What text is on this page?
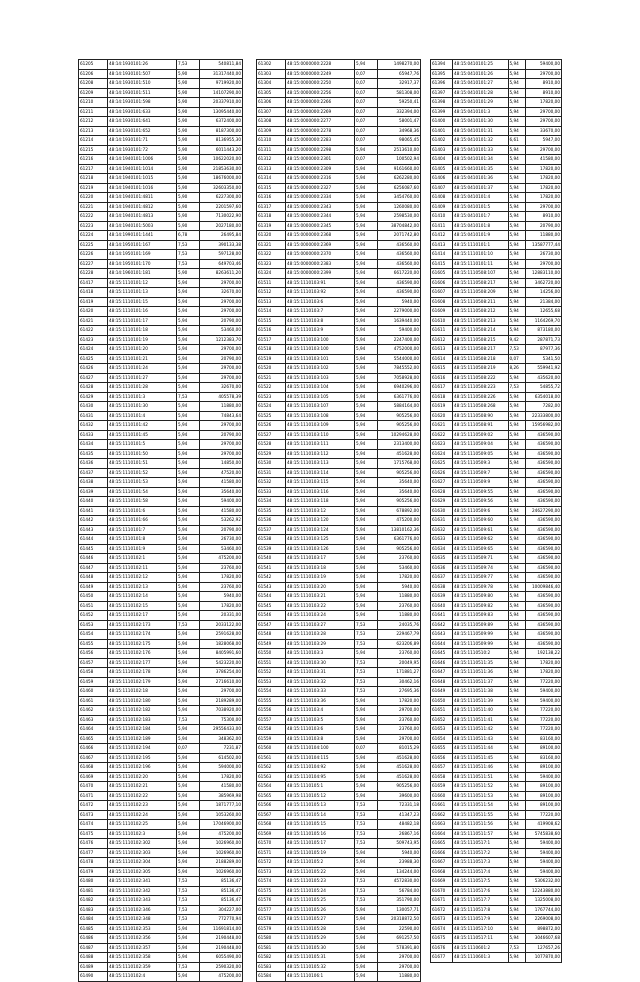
61205	48:14:1930101:26	7,53	540811,84
61206	48:14:1930101:507	5,90	31317440,00
61208	48:14:1930101:510	5,90	9719920,00
61209	48:14:1930101:511	5,90	14107290,00
61210	48:14:1930101:598	5,90	20337910,00
61211	48:14:1930101:633	5,90	13095440,00
61212	48:14:1930101:641	5,90	6372400,00
61213	48:14:1930101:652	5,90	8187300,00
61214	48:14:1930101:71	5,90	8136955,30
61215	48:14:1930101:72	5,90	6011443,20
61216	48:14:1940101:1006	5,90	10622020,00
61217	48:14:1940101:1014	5,90	21853630,00
61218	48:14:1940101:1015	5,90	18676000,00
61219	48:14:1940101:1016	5,90	32603350,00
61220	48:14:1940101:4811	5,90	6227300,00
61221	48:14:1940101:4812	5,90	2201597,60
61222	48:14:1940101:4813	5,90	7130022,90
61223	48:14:1940101:5003	5,90	2027180,00
61224	48:14:1990101:1441	6,78	26495,84
61225	48:14:1950101:167	7,53	390133,38
61226	48:14:1950101:169	7,53	597128,00
61227	48:14:1950101:170	7,53	649703,46
61228	48:14:1960101:181	5,90	8263611,20
61417	48:15:1110101:12	5,94	29700,00
61418	48:15:1110101:13	5,94	32670,00
61419	48:15:1110101:15	5,94	29700,00
61420	48:15:1110101:16	5,94	29700,00
61421	48:15:1110101:17	5,94	20790,00
61422	48:15:1110101:18	5,94	53460,00
61423	48:15:1110101:19	5,94	1212383,70
61424	48:15:1110101:20	5,94	29700,00
61425	48:15:1110101:21	5,94	20790,00
61426	48:15:1110101:24	5,94	29700,00
61427	48:15:1110101:27	5,94	29700,00
61428	48:15:1110101:28	5,94	32670,00
61429	48:15:1110101:3	7,53	405578,39
61430	48:15:1110101:30	5,94	11880,00
61431	48:15:1110101:4	5,94	74843,64
61432	48:15:1110101:42	5,94	29700,00
61433	48:15:1110101:45	5,94	20790,00
61434	48:15:1110101:5	5,94	29700,00
61435	48:15:1110101:50	5,94	29700,00
61436	48:15:1110101:51	5,94	14850,00
61437	48:15:1110101:52	5,94	47520,00
61438	48:15:1110101:53	5,94	41580,00
61439	48:15:1110101:54	5,94	35640,00
61440	48:15:1110101:58	5,94	59400,00
61441	48:15:1110101:6	5,94	41580,00
61442	48:15:1110101:66	5,94	53262,92
61443	48:15:1110101:7	5,94	20790,00
61444	48:15:1110101:8	5,94	26730,00
61445	48:15:1110101:9	5,94	53460,00
61446	48:15:1110102:1	5,94	475200,00
61447	48:15:1110102:11	5,94	23760,00
61448	48:15:1110102:12	5,94	17820,00
61449	48:15:1110102:13	5,94	23760,00
61450	48:15:1110102:14	5,94	5940,00
61451	48:15:1110102:15	5,94	17820,00
61452	48:15:1110102:17	5,94	20331,00
61453	48:15:1110102:173	7,53	2033122,00
61454	48:15:1110102:174	5,94	2591628,00
61455	48:15:1110102:175	5,94	1828068,00
61456	48:15:1110102:176	5,94	8405991,60
61457	48:15:1110102:177	5,94	5423220,00
61458	48:15:1110102:178	5,94	3786254,00
61459	48:15:1110102:179	5,94	2716610,00
61460	48:15:1110102:18	5,94	29700,00
61461	48:15:1110102:180	5,94	2189289,00
61462	48:15:1110102:182	5,94	7038920,00
61463	48:15:1110102:183	7,53	75300,00
61464	48:15:1110102:184	5,94	29556433,00
61465	48:15:1110102:189	5,94	348362,00
61466	48:15:1110102:194	0,07	7231,87
61467	48:15:1110102:195	5,94	614502,00
61468	48:15:1110102:196	5,94	594000,00
61469	48:15:1110102:20	5,94	17820,00
61470	48:15:1110102:21	5,94	41580,00
61471	48:15:1110102:22	5,94	385969,98
61472	48:15:1110102:23	5,94	1871777,10
61473	48:15:1110102:24	5,94	1053260,00
61474	48:15:1110102:25	5,94	17046900,00
61475	48:15:1110102:3	5,94	475200,00
61476	48:15:1110102:302	5,94	1026960,00
61477	48:15:1110102:303	5,94	1026960,00
61478	48:15:1110102:304	5,94	2188289,00
61479	48:15:1110102:305	5,94	1026960,00
61480	48:15:1110102:341	7,53	85136,47
61481	48:15:1110102:342	7,53	85136,47
61482	48:15:1110102:343	7,53	85136,47
61483	48:15:1110102:346	7,53	304227,00
61484	48:15:1110102:348	7,53	772770,94
61485	48:15:1110102:353	5,94	11691814,00
61486	48:15:1110102:356	5,94	2190448,00
61487	48:15:1110102:357	5,94	2190448,00
61488	48:15:1110102:358	5,94	6055490,00
61489	48:15:1110102:359	7,53	2590320,00
61490	48:15:1110102:4	5,94	475200,00
61302	48:15:0000000:2228	5,94	1498270,00
61303	48:15:0000000:2249	0,07	65947,76
61304	48:15:0000000:2250	0,07	32917,37
61305	48:15:0000000:2256	0,07	581308,00
61306	48:15:0000000:2266	0,07	59250,41
61307	48:15:0000000:2269	0,07	332394,00
61308	48:15:0000000:2277	0,07	58001,47
61309	48:15:0000000:2278	0,07	34968,36
61310	48:15:0000000:2283	0,07	98065,45
61311	48:15:0000000:2298	5,94	2513610,00
61312	48:15:0000000:2301	0,07	100502,94
61313	48:15:0000000:2309	5,94	9161660,00
61314	48:15:0000000:2316	5,94	6262280,00
61315	48:15:0000000:2327	5,94	6256087,60
61316	48:15:0000000:2334	5,94	3454760,00
61317	48:15:0000000:2343	5,94	1260080,00
61318	48:15:0000000:2344	5,94	2598530,00
61319	48:15:0000000:2345	5,94	38704842,00
61320	48:15:0000000:2368	5,94	2071742,80
61321	48:15:0000000:2369	5,94	436560,00
61322	48:15:0000000:2370	5,94	436560,00
61323	48:15:0000000:2383	5,94	436560,00
61324	48:15:0000000:2399	5,94	6617220,00
61511	48:15:1110103:91	5,94	436590,00
61512	48:15:1110103:92	5,94	436590,00
61513	48:15:1110103:6	5,94	5940,00
61514	48:15:1110103:7	5,94	2279000,00
61515	48:15:1110103:8	5,94	1639440,00
61516	48:15:1110103:9	5,94	59400,00
61517	48:15:1110103:100	5,94	2247400,00
61518	48:15:1110103:100	5,94	4752000,00
61519	48:15:1110103:101	5,94	5544000,00
61520	48:15:1110103:102	5,94	7845552,00
61521	48:15:1110103:103	5,94	7058928,00
61522	48:15:1110103:104	5,94	6940296,00
61523	48:15:1110103:105	5,94	6361776,00
61524	48:15:1110103:107	5,94	5884164,00
61525	48:15:1110103:108	5,94	905256,00
61526	48:15:1110103:109	5,94	905256,00
61527	48:15:1110103:110	5,94	10294628,00
61528	48:15:1110103:111	5,94	2313400,00
61529	48:15:1110103:112	5,94	451628,00
61530	48:15:1110103:113	5,94	1715768,00
61531	48:15:1110103:114	5,94	905256,00
61532	48:15:1110103:115	5,94	35640,00
61533	48:15:1110103:116	5,94	35640,00
61534	48:15:1110103:118	5,94	905256,00
61535	48:15:1110103:12	5,94	678892,00
61536	48:15:1110103:120	5,94	475200,00
61537	48:15:1110103:124	5,94	13810162,36
61538	48:15:1110103:125	5,94	6361776,00
61539	48:15:1110103:126	5,94	905256,00
61540	48:15:1110103:17	5,94	23760,00
61541	48:15:1110103:18	5,94	53460,00
61542	48:15:1110103:19	5,94	17820,00
61543	48:15:1110103:20	5,94	5940,00
61544	48:15:1110103:21	5,94	11880,00
61545	48:15:1110103:22	5,94	23760,00
61546	48:15:1110103:24	5,94	11880,00
61547	48:15:1110103:27	7,53	24035,76
61548	48:15:1110103:28	7,53	229467,79
61549	48:15:1110103:29	7,53	623206,89
61550	48:15:1110103:3	5,94	23760,00
61551	48:15:1110103:30	7,53	20049,95
61552	48:15:1110103:31	7,53	171881,27
61553	48:15:1110103:32	7,53	30462,16
61554	48:15:1110103:33	7,53	27695,36
61555	48:15:1110103:36	5,94	17820,00
61556	48:15:1110103:4	5,94	29700,00
61557	48:15:1110103:5	5,94	23760,00
61558	48:15:1110103:6	5,94	23760,00
61559	48:15:1110103:8	5,94	29700,00
61560	48:15:1110104:100	0,07	81015,29
61561	48:15:1110104:115	5,94	451628,00
61562	48:15:1110104:92	5,94	451628,00
61563	48:15:1110104:95	5,94	451628,00
61564	48:15:1110105:1	5,94	905256,00
61565	48:15:1110105:12	5,94	39600,00
61566	48:15:1110105:13	7,53	72331,18
61567	48:15:1110105:14	7,53	41347,23
61568	48:15:1110105:15	7,53	48482,18
61569	48:15:1110105:16	7,53	26867,16
61570	48:15:1110105:17	7,53	509743,95
61571	48:15:1110105:19	5,94	5940,00
61572	48:15:1110105:2	5,94	23988,30
61573	48:15:1110105:22	5,94	134244,00
61574	48:15:1110105:23	7,53	4572830,00
61575	48:15:1110105:24	7,53	56784,00
61576	48:15:1110105:25	7,53	351790,00
61577	48:15:1110105:26	5,94	130057,71
61578	48:15:1110105:27	5,94	20318872,50
61579	48:15:1110105:28	5,94	22590,00
61580	48:15:1110105:29	5,94	691257,50
61581	48:15:1110105:30	5,94	578391,80
61582	48:15:1110105:31	5,94	29700,00
61583	48:15:1110105:32	5,94	29700,00
61584	48:15:1110106:1	5,94	11880,00
61394	48:15:0410101:25	5,94	59400,00
61395	48:15:0410101:26	5,94	29700,00
61396	48:15:0410101:27	5,94	8910,00
61397	48:15:0410101:28	5,94	8910,00
61398	48:15:0410101:29	5,94	17820,00
61399	48:15:0410101:3	5,94	29700,00
61400	48:15:0410101:30	5,94	29700,00
61401	48:15:0410101:31	5,94	33670,00
61402	48:15:0410101:32	6,61	5947,00
61403	48:15:0410101:33	5,94	29700,00
61404	48:15:0410101:34	5,94	41580,00
61405	48:15:0410101:35	5,94	17820,00
61406	48:15:0410101:36	5,94	17820,00
61407	48:15:0410101:37	5,94	17820,00
61408	48:15:0410101:4	5,94	17820,00
61409	48:15:0410101:5	5,94	29700,00
61410	48:15:0410101:7	5,94	8910,00
61411	48:15:0410101:8	5,94	20790,00
61412	48:15:0410101:9	5,94	11880,00
61413	48:15:1110101:1	5,94	13587777,44
61414	48:15:1110101:10	5,94	26730,00
61415	48:15:1110101:11	5,94	29700,00
61605	48:15:1110508:107	5,94	12883110,00
61606	48:15:1110508:217	5,94	3462720,00
61607	48:15:1110508:209	5,94	14256,00
61608	48:15:1110508:211	5,94	21384,00
61609	48:15:1110508:212	5,94	12655,68
61610	48:15:1110508:213	5,94	1164269,70
61611	48:15:1110508:214	5,94	873180,00
61612	48:15:1110508:215	9,42	287871,73
61613	48:15:1110508:217	7,53	87977,36
61614	48:15:1110508:218	0,07	5341,50
61615	48:15:1110508:219	8,26	559941,92
61616	48:15:1110508:222	5,94	435620,00
61617	48:15:1110508:223	7,53	54855,72
61618	48:15:1110508:226	5,94	6354018,00
61619	48:15:1110508:268	5,94	7282,00
61620	48:15:1110508:90	5,94	22333800,00
61621	48:15:1110508:91	5,94	15956982,00
61622	48:15:1110509:02	5,94	436590,00
61623	48:15:1110509:04	5,94	436590,00
61624	48:15:1110509:05	5,94	436590,00
61625	48:15:1110509:3	5,94	436590,00
61626	48:15:1110509:7	5,94	436590,00
61627	48:15:1110509:9	5,94	436590,00
61628	48:15:1110509:55	5,94	436590,00
61629	48:15:1110509:56	5,94	436590,00
61630	48:15:1110509:6	5,94	24627290,00
61631	48:15:1110509:60	5,94	436590,00
61632	48:15:1110509:61	5,94	436590,00
61633	48:15:1110509:62	5,94	436590,00
61634	48:15:1110509:65	5,94	436590,00
61635	48:15:1110509:71	5,94	436590,00
61636	48:15:1110509:74	5,94	436590,00
61637	48:15:1110509:77	5,94	436590,00
61638	48:15:1110509:78	5,94	10009846,40
61639	48:15:1110509:80	5,94	436590,00
61640	48:15:1110509:82	5,94	436590,00
61641	48:15:1110509:83	5,94	436590,00
61642	48:15:1110509:89	5,94	436590,00
61643	48:15:1110509:99	5,94	436590,00
61644	48:15:1110509:99	5,94	436590,00
61645	48:15:1110510:2	5,94	192138,22
61646	48:15:1110511:35	5,94	17820,00
61647	48:15:1110511:36	5,94	17820,00
61648	48:15:1110511:37	5,94	77220,00
61649	48:15:1110511:38	5,94	59400,00
61650	48:15:1110511:39	5,94	59400,00
61651	48:15:1110511:40	5,94	77220,00
61652	48:15:1110511:41	5,94	77220,00
61653	48:15:1110511:42	5,94	77220,00
61654	48:15:1110511:43	5,94	83160,00
61655	48:15:1110511:44	5,94	89100,00
61656	48:15:1110511:45	5,94	83160,00
61657	48:15:1110511:46	5,94	89100,00
61658	48:15:1110511:51	5,94	59400,00
61659	48:15:1110511:52	5,94	89100,00
61660	48:15:1110511:53	5,94	89100,00
61661	48:15:1110511:54	5,94	89100,00
61662	48:15:1110511:55	5,94	77220,00
61663	48:15:1110511:56	5,94	419908,62
61664	48:15:1110511:57	5,94	5745838,60
61665	48:15:1110517:1	5,94	59400,00
61666	48:15:1110517:2	5,94	59400,00
61667	48:15:1110517:3	5,94	59400,00
61668	48:15:1110517:4	5,94	59400,00
61669	48:15:1110517:5	5,94	5306232,00
61670	48:15:1110517:6	5,94	12243880,00
61671	48:15:1110517:7	5,94	1325008,00
61672	48:15:1110517:8	5,94	1767744,00
61673	48:15:1110517:9	5,94	2269008,00
61674	48:15:1110517:10	5,94	898872,00
61675	48:15:1110517:11	5,94	3046607,68
61676	48:15:1110601:2	7,53	127657,26
61677	48:15:1110601:3	5,94	1077870,00
